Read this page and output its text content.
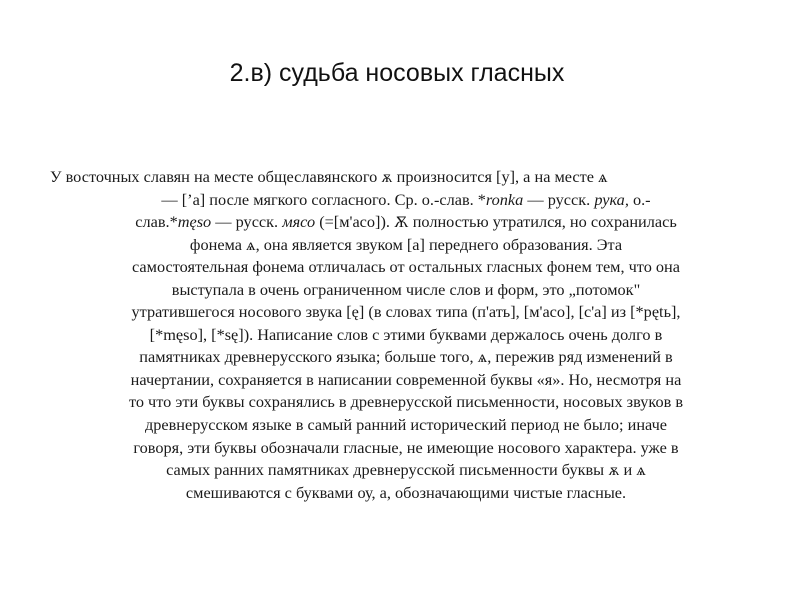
2.в) судьба носовых гласных
У восточных славян на месте общеславянского ѫ произносится [у], а на месте ѧ
— [’а] после мягкого согласного. Ср. о.-слав. *ronka — русск. рука, о.-
слав.*męso — русск. мясо (=[м'асо]). Ѫ полностью утратился, но сохранилась
фонема ѧ, она является звуком [а] переднего образования. Эта
самостоятельная фонема отличалась от остальных гласных фонем тем, что она
выступала в очень ограниченном числе слов и форм, это „потомок"
утратившегося носового звука [ę] (в словах типа (п'ать], [м'асо], [с'а] из [*pętь],
[*męso], [*sę]). Написание слов с этими буквами держалось очень долго в
памятниках древнерусского языка; больше того, ѧ, пережив ряд изменений в
начертании, сохраняется в написании современной буквы «я». Но, несмотря на
то что эти буквы сохранялись в древнерусской письменности, носовых звуков в
древнерусском языке в самый ранний исторический период не было; иначе
говоря, эти буквы обозначали гласные, не имеющие носового характера. уже в
самых ранних памятниках древнерусской письменности буквы ѫ и ѧ
смешиваются с буквами оу, а, обозначающими чистые гласные.
